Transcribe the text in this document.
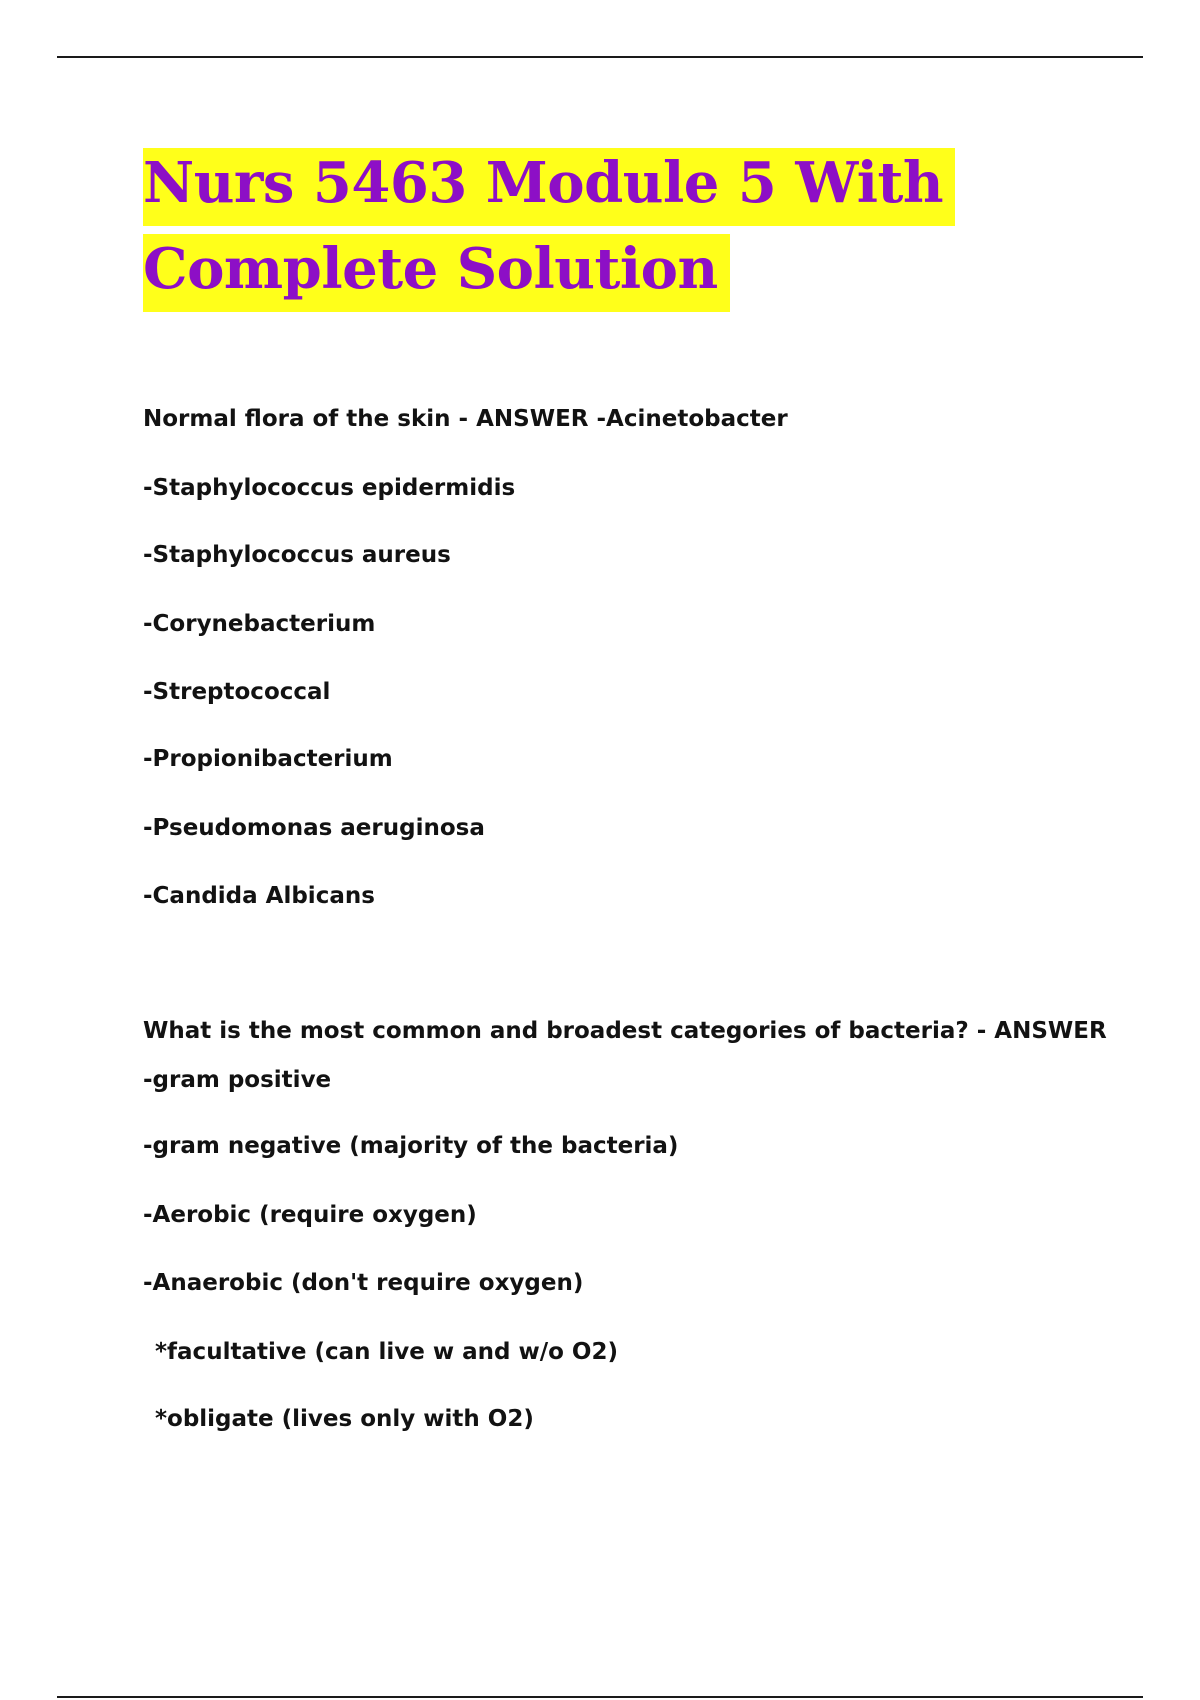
Nurs 5463 Module 5 With Complete Solution

Normal flora of the skin - ANSWER -Acinetobacter

-Staphylococcus epidermidis

-Staphylococcus aureus

-Corynebacterium

-Streptococcal

-Propionibacterium

-Pseudomonas aeruginosa

-Candida Albicans

What is the most common and broadest categories of bacteria? - ANSWER

-gram positive

-gram negative (majority of the bacteria)

-Aerobic (require oxygen)

-Anaerobic (don't require oxygen)

*facultative (can live w and w/o O2)

*obligate (lives only with O2)
